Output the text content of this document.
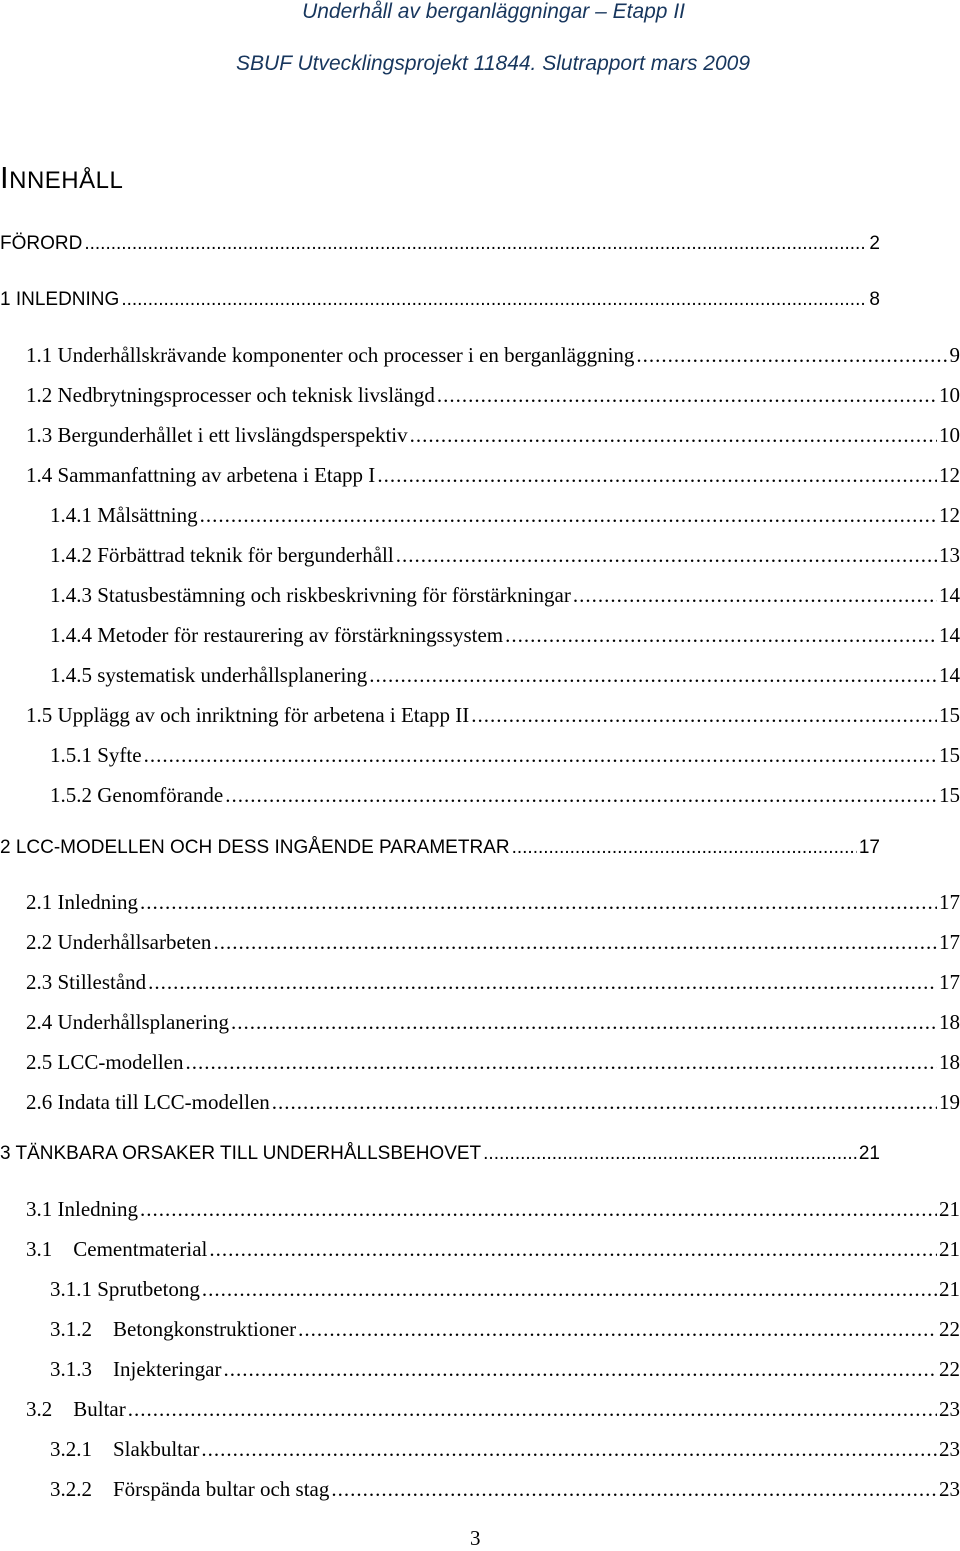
Underhåll av berganläggningar – Etapp II
SBUF Utvecklingsprojekt 11844. Slutrapport mars 2009
INNEHÅLL
FÖRORD .....	2
1 INLEDNING .....	8
1.1 Underhållskrävande komponenter och processer i en berganläggning .....	9
1.2 Nedbrytningsprocesser och teknisk livslängd .....	10
1.3 Bergunderhållet i ett livslängdsperspektiv .....	10
1.4 Sammanfattning av arbetena i Etapp I .....	12
1.4.1 Målsättning .....	12
1.4.2 Förbättrad teknik för bergunderhåll .....	13
1.4.3 Statusbestämning och riskbeskrivning för förstärkningar .....	14
1.4.4 Metoder för restaurering av förstärkningssystem .....	14
1.4.5 systematisk underhållsplanering .....	14
1.5 Upplägg av och inriktning för arbetena i Etapp II .....	15
1.5.1 Syfte .....	15
1.5.2 Genomförande .....	15
2 LCC-MODELLEN OCH DESS INGÅENDE PARAMETRAR .....	17
2.1 Inledning .....	17
2.2 Underhållsarbeten .....	17
2.3 Stillestånd .....	17
2.4 Underhållsplanering .....	18
2.5 LCC-modellen .....	18
2.6 Indata till LCC-modellen .....	19
3 TÄNKBARA ORSAKER TILL UNDERHÅLLSBEHOVET .....	21
3.1 Inledning .....	21
3.1    Cementmaterial .....	21
3.1.1 Sprutbetong .....	21
3.1.2    Betongkonstruktioner .....	22
3.1.3    Injekteringar .....	22
3.2    Bultar .....	23
3.2.1    Slakbultar .....	23
3.2.2    Förspända bultar och stag .....	23
3
